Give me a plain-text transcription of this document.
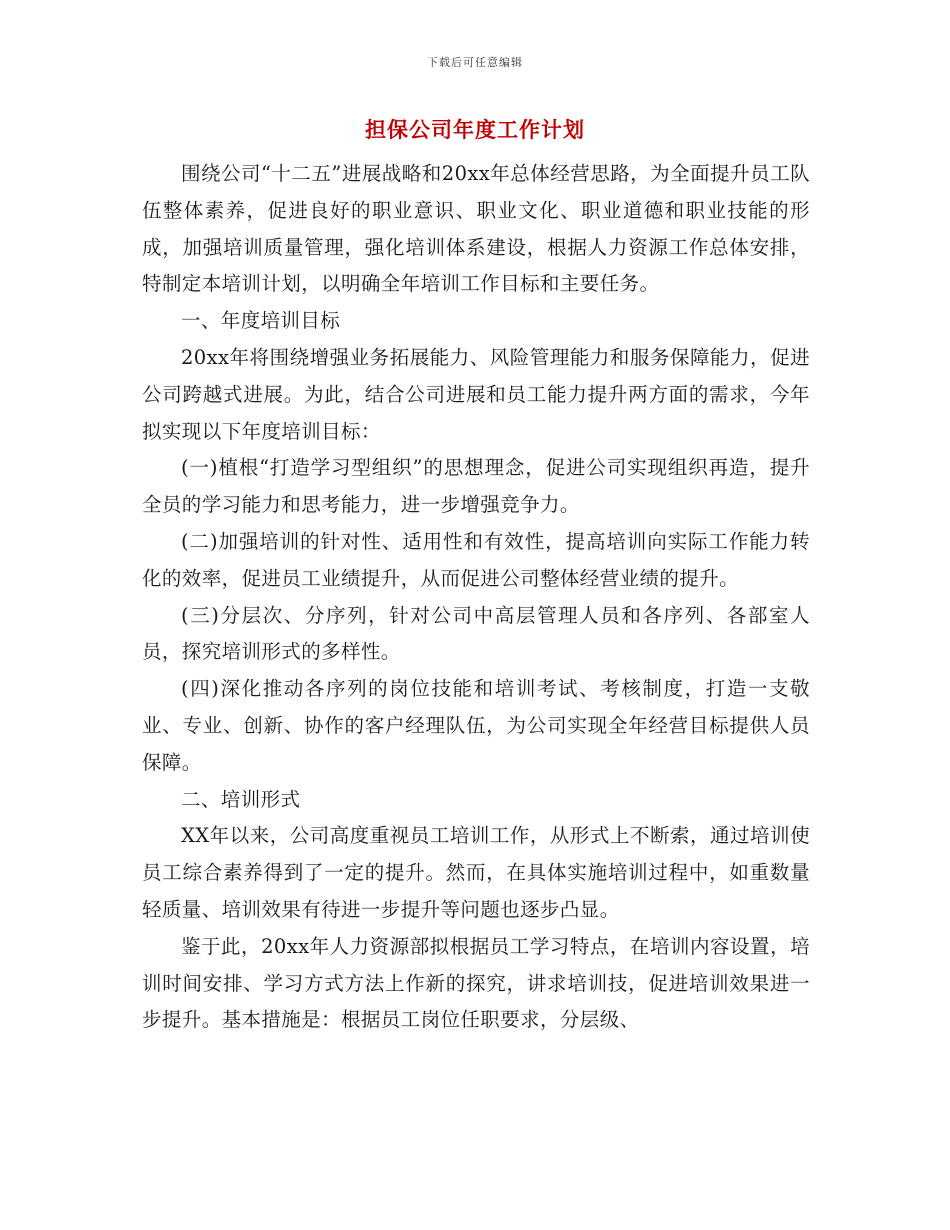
下载后可任意编辑
担保公司年度工作计划

围绕公司“十二五”进展战略和20xx年总体经营思路，为全面提升员工队伍整体素养，促进良好的职业意识、职业文化、职业道德和职业技能的形成，加强培训质量管理，强化培训体系建设，根据人力资源工作总体安排，特制定本培训计划，以明确全年培训工作目标和主要任务。

一、年度培训目标

20xx年将围绕增强业务拓展能力、风险管理能力和服务保障能力，促进公司跨越式进展。为此，结合公司进展和员工能力提升两方面的需求，今年拟实现以下年度培训目标：

(一)植根“打造学习型组织”的思想理念，促进公司实现组织再造，提升全员的学习能力和思考能力，进一步增强竞争力。

(二)加强培训的针对性、适用性和有效性，提高培训向实际工作能力转化的效率，促进员工业绩提升，从而促进公司整体经营业绩的提升。

(三)分层次、分序列，针对公司中高层管理人员和各序列、各部室人员，探究培训形式的多样性。

(四)深化推动各序列的岗位技能和培训考试、考核制度，打造一支敬业、专业、创新、协作的客户经理队伍，为公司实现全年经营目标提供人员保障。

二、培训形式

XX年以来，公司高度重视员工培训工作，从形式上不断索，通过培训使员工综合素养得到了一定的提升。然而，在具体实施培训过程中，如重数量轻质量、培训效果有待进一步提升等问题也逐步凸显。

鉴于此，20xx年人力资源部拟根据员工学习特点，在培训内容设置，培训时间安排、学习方式方法上作新的探究，讲求培训技，促进培训效果进一步提升。基本措施是：根据员工岗位任职要求，分层级、
